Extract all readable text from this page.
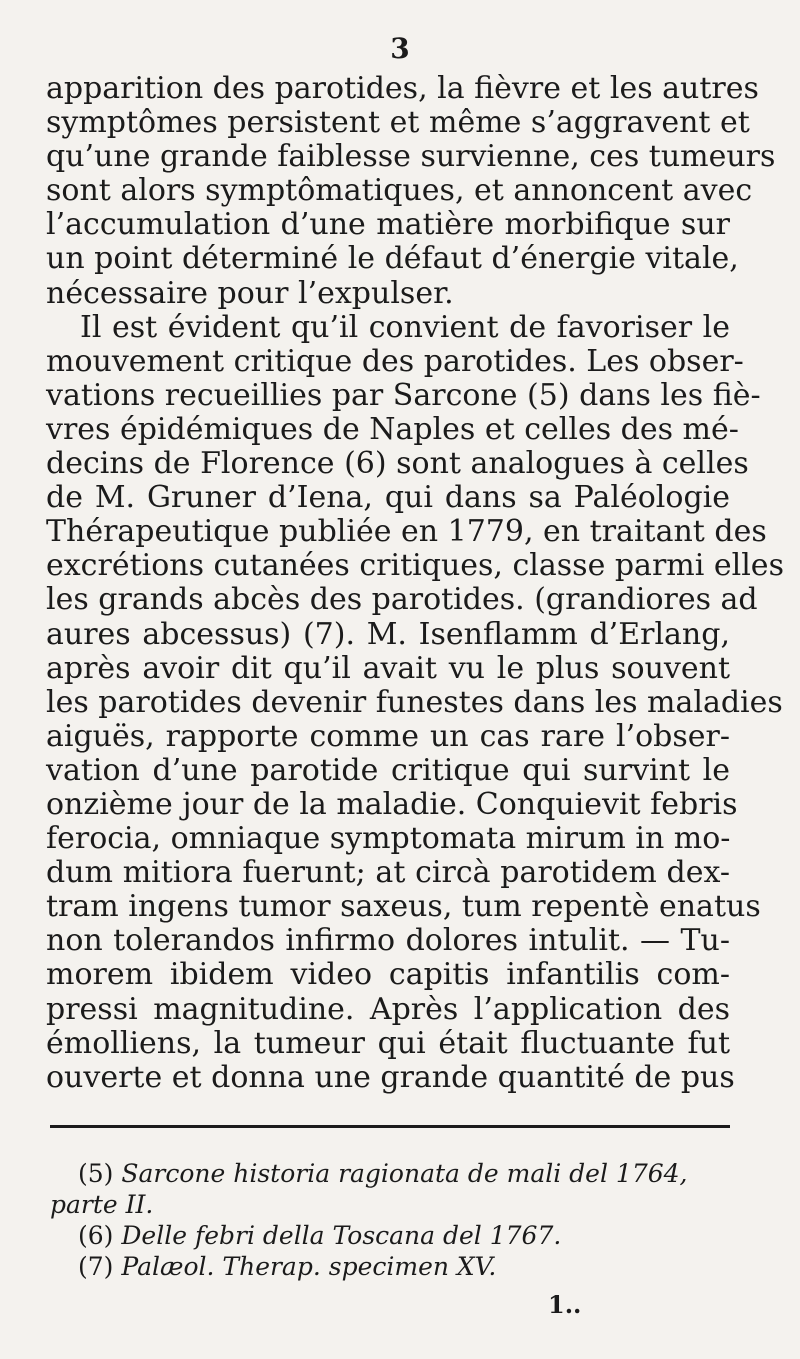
3
apparition des parotides, la fièvre et les autres
symptômes persistent et même s’aggravent et
qu’une grande faiblesse survienne, ces tumeurs
sont alors symptômatiques, et annoncent avec
l’accumulation d’une matière morbifique sur
un point déterminé le défaut d’énergie vitale,
nécessaire pour l’expulser.
Il est évident qu’il convient de favoriser le
mouvement critique des parotides. Les obser-
vations recueillies par Sarcone (5) dans les fiè-
vres épidémiques de Naples et celles des mé-
decins de Florence (6) sont analogues à celles
de M. Gruner d’Iena, qui dans sa Paléologie
Thérapeutique publiée en 1779, en traitant des
excrétions cutanées critiques, classe parmi elles
les grands abcès des parotides. (grandiores ad
aures abcessus) (7). M. Isenflamm d’Erlang,
après avoir dit qu’il avait vu le plus souvent
les parotides devenir funestes dans les maladies
aiguës, rapporte comme un cas rare l’obser-
vation d’une parotide critique qui survint le
onzième jour de la maladie. Conquievit febris
ferocia, omniaque symptomata mirum in mo-
dum mitiora fuerunt; at circà parotidem dex-
tram ingens tumor saxeus, tum repentè enatus
non tolerandos infirmo dolores intulit. — Tu-
morem ibidem video capitis infantilis com-
pressi magnitudine. Après l’application des
émolliens, la tumeur qui était fluctuante fut
ouverte et donna une grande quantité de pus
(5) Sarcone historia ragionata de mali del 1764,
parte II.
(6) Delle febri della Toscana del 1767.
(7) Palæol. Therap. specimen XV.
1..
